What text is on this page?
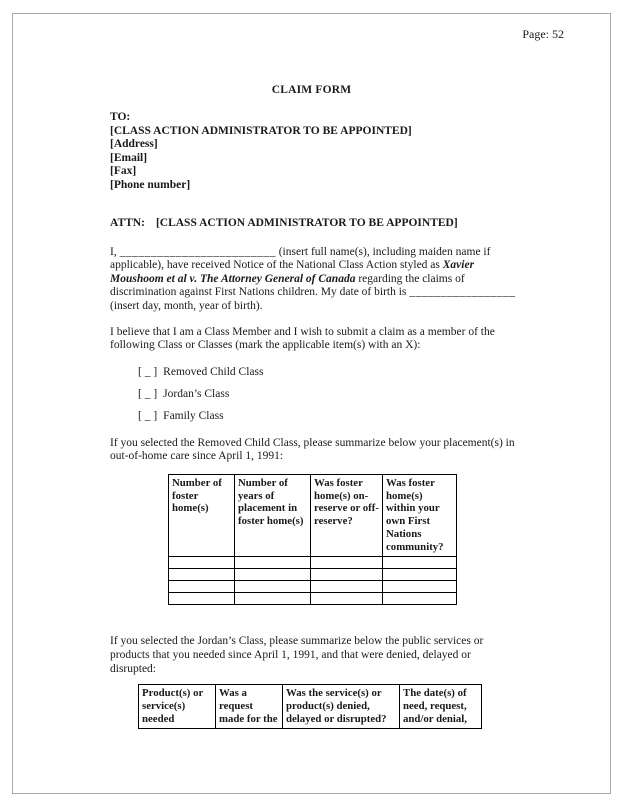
Page: 52
CLAIM FORM
TO:
[CLASS ACTION ADMINISTRATOR TO BE APPOINTED]
[Address]
[Email]
[Fax]
[Phone number]
ATTN: [CLASS ACTION ADMINISTRATOR TO BE APPOINTED]

I, _________________________ (insert full name(s), including maiden name if applicable), have received Notice of the National Class Action styled as Xavier Moushoom et al v. The Attorney General of Canada regarding the claims of discrimination against First Nations children. My date of birth is _________________ (insert day, month, year of birth).

I believe that I am a Class Member and I wish to submit a claim as a member of the following Class or Classes (mark the applicable item(s) with an X):

[ _ ] Removed Child Class
[ _ ] Jordan’s Class
[ _ ] Family Class

If you selected the Removed Child Class, please summarize below your placement(s) in out-of-home care since April 1, 1991:

Number of foster home(s)	Number of years of placement in foster home(s)	Was foster home(s) on-reserve or off-reserve?	Was foster home(s) within your own First Nations community?

If you selected the Jordan’s Class, please summarize below the public services or products that you needed since April 1, 1991, and that were denied, delayed or disrupted:

Product(s) or service(s) needed	Was a request made for the	Was the service(s) or product(s) denied, delayed or disrupted?	The date(s) of need, request, and/or denial,
